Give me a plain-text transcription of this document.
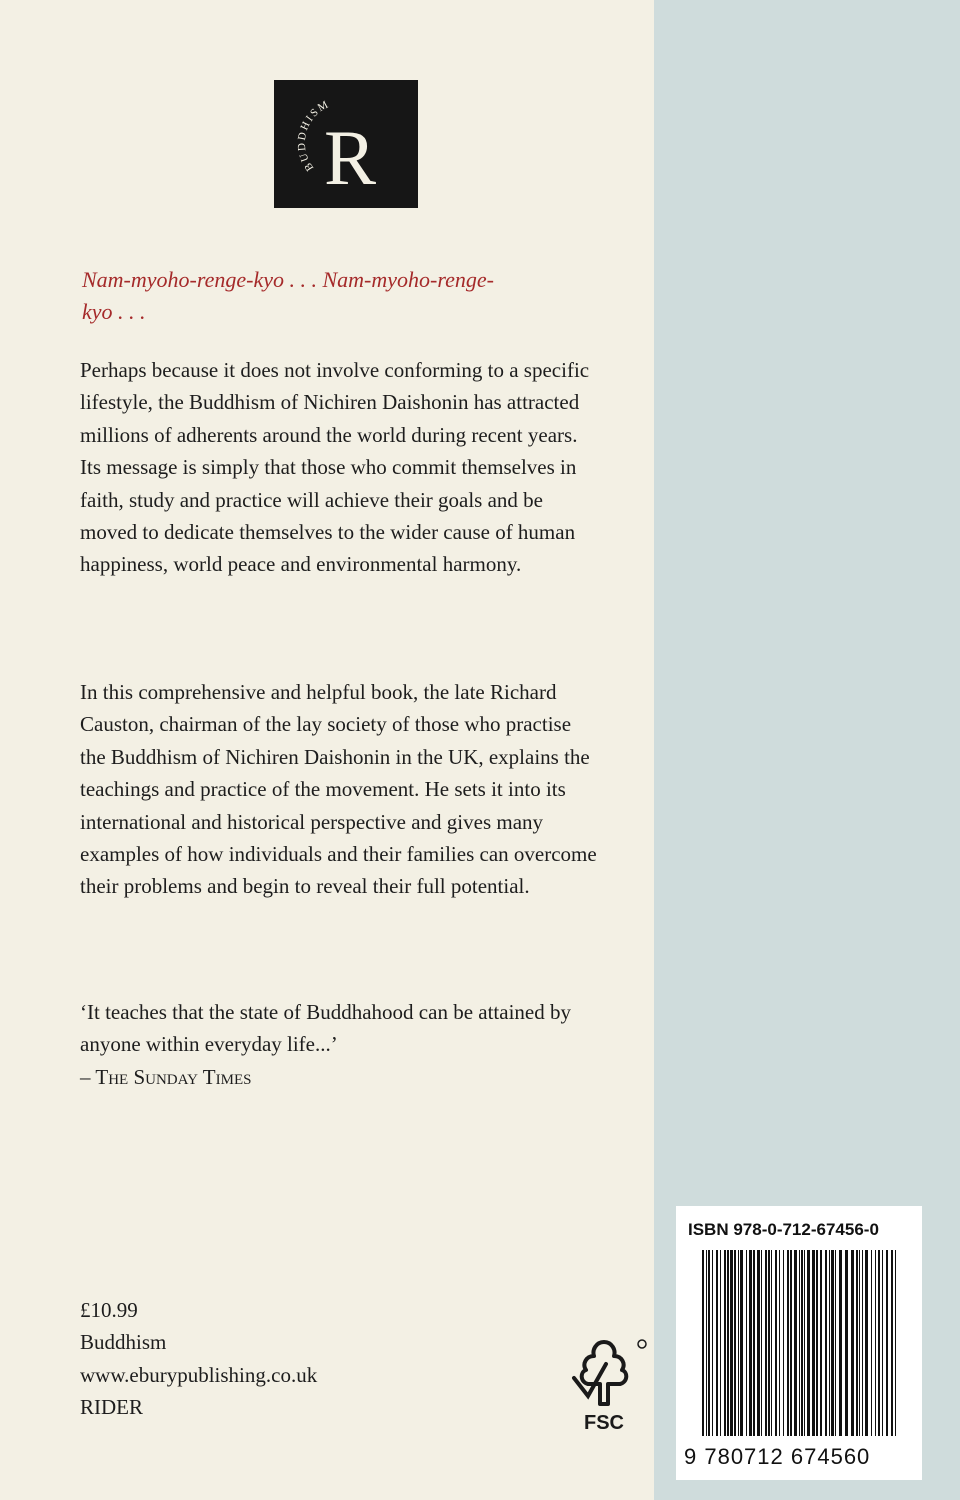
BUDDHISM
R
Nam-myoho-renge-kyo . . . Nam-myoho-renge-kyo . . .
Perhaps because it does not involve conforming to a specific lifestyle, the Buddhism of Nichiren Daishonin has attracted millions of adherents around the world during recent years. Its message is simply that those who commit themselves in faith, study and practice will achieve their goals and be moved to dedicate themselves to the wider cause of human happiness, world peace and environmental harmony.
In this comprehensive and helpful book, the late Richard Causton, chairman of the lay society of those who practise the Buddhism of Nichiren Daishonin in the UK, explains the teachings and practice of the movement. He sets it into its international and historical perspective and gives many examples of how individuals and their families can overcome their problems and begin to reveal their full potential.
‘It teaches that the state of Buddhahood can be attained by anyone within everyday life...’
– The Sunday Times
£10.99
Buddhism
www.eburypublishing.co.uk
RIDER
FSC
ISBN 978-0-712-67456-0
9 780712 674560
